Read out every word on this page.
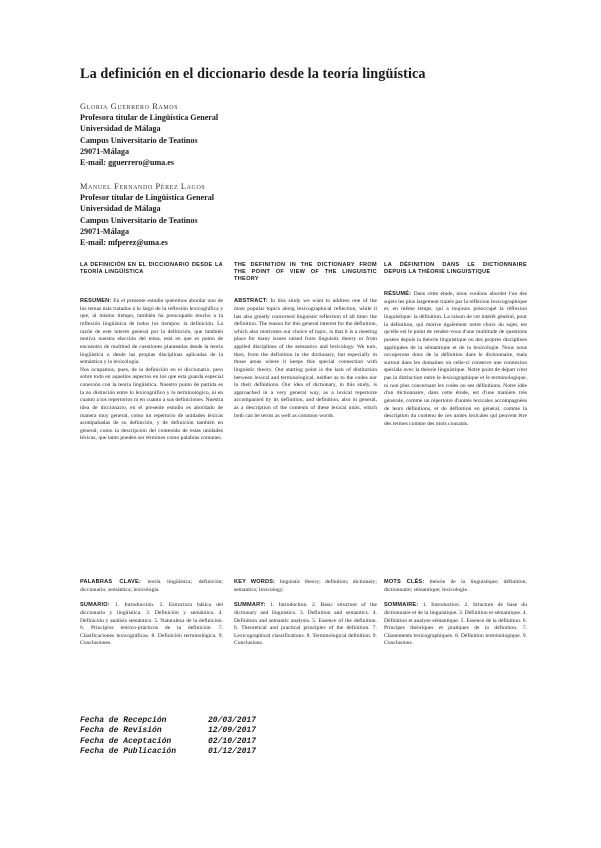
La definición en el diccionario desde la teoría lingüística
Gloria Guerrero Ramos
Profesora titular de Lingüística General
Universidad de Málaga
Campus Universitario de Teatinos
29071-Málaga
E-mail: gguerrero@uma.es
Manuel Fernando Pérez Lagos
Profesor titular de Lingüística General
Universidad de Málaga
Campus Universitario de Teatinos
29071-Málaga
E-mail: mfperez@uma.es

LA DEFINICIÓN EN EL DICCIONARIO DESDE LA TEORÍA LINGÜÍSTICA

RESUMEN: En el presente estudio queremos abordar uno de los temas más tratados a lo largo de la reflexión lexicográfica y que, al mismo tiempo, también ha preocupado mucho a la reflexión lingüística de todos los tiempos: la definición. La razón de este interés general por la definición, que también motiva nuestra elección del tema, está en que es punto de encuentro de multitud de cuestiones planteadas desde la teoría lingüística o desde las propias disciplinas aplicadas de la semántica y la lexicología.

Nos ocupamos, pues, de la definición en el diccionario, pero sobre todo en aquellos aspectos en los que esta guarda especial conexión con la teoría lingüística. Nuestro punto de partida es la no distinción entre lo lexicográfico y lo terminológico, ni en cuanto a los repertorios ni en cuanto a sus definiciones. Nuestra idea de diccionario, en el presente estudio es abordado de manera muy general, como un repertorio de unidades léxicas acompañadas de su definición, y de definición también en general, como la descripción del contenido de estas unidades léxicas, que tanto pueden ser términos como palabras comunes.

THE DEFINITION IN THE DICTIONARY FROM THE POINT OF VIEW OF THE LINGUISTIC THEORY

ABSTRACT: In this study we want to address one of the most popular topics along lexicographical reflection, while it has also greatly concerned linguistic reflection of all time: the definition. The reason for this general interest for the definition, which also motivates our choice of topic, is that it is a meeting place for many issues raised from linguistic theory or from applied disciplines of the semantics and lexicology. We turn, then, from the definition in the dictionary, but especially in those areas where it keeps this special connection with linguistic theory. Our starting point is the lack of distinction between lexical and terminological, neither as to the codes nor in their definitions. Our idea of dictionary, in this study, is approached in a very general way, as a lexical repertoire accompanied by its definition, and definition, also in general, as a description of the contents of these lexical units, which both can be terms as well as common words.

LA DÉFINITION DANS LE DICTIONNAIRE DEPUIS LA THÉORIE LINGUISTIQUE

RÉSUMÉ: Dans cette étude, nous voulons aborder l'un des sujets les plus largement traités par la réflexion lexicographique et, en même temps, qui a toujours préoccupé la réflexion linguistique: la définition. La raison de cet intérêt général, pour la définition, qui motive également notre choix du sujet, est qu'elle est le point de rendez-vous d'une multitude de questions posées depuis la théorie linguistique ou des propres disciplines appliquées de la sémantique et de la lexicologie. Nous nous occuperons donc de la définition dans le dictionnaire, mais surtout dans les domaines où celle-ci conserve une connexion spéciale avec la théorie linguistique. Notre point de départ n'est pas la distinction entre le lexicographique et le terminologique, ni non plus concernant les codes ou ses définitions. Notre idée d'un dictionnaire, dans cette étude, est d'une manière très générale, comme un répertoire d'unités lexicales accompagnées de leurs définitions, et de définition en général, comme la description du contenu de ces unités lexicales qui peuvent être des termes comme des mots courants.

PALABRAS CLAVE: teoría lingüística; definición; diccionario; semántica; lexicología.

SUMARIO: 1. Introducción. 2. Estructura básica del diccionario y lingüística. 3. Definición y semántica. 4. Definición y análisis semántico. 5. Naturaleza de la definición. 6. Principios teórico-prácticos de la definición. 7. Clasificaciones lexicográficas. 8. Definición terminológica. 9. Conclusiones.

KEY WORDS: linguistic theory; definition; dictionary; semantics; lexicology.

SUMMARY: 1. Introduction. 2. Basic structure of the dictionary and linguistics. 3. Definition and semantics. 4. Definition and semantic analysis. 5. Essence of the definition. 6. Theoretical and practical principles of the definition. 7. Lexicographical classifications. 8. Terminological definition. 9. Conclusions.

MOTS CLÉS: théorie de la linguistique; définition; dictionnaire; sémantique; lexicologie.

SOMMAIRE: 1. Introduction. 2. Structure de base du dictionnaire et de la linguistique. 3. Définition et sémantique. 4. Définition et analyse sémantique. 5. Essence de la définition. 6. Principes théoriques et pratiques de la définition. 7. Classements lexicographiques. 8. Définition terminologique. 9. Conclusions.

Fecha de Recepción	20/03/2017
Fecha de Revisión	12/09/2017
Fecha de Aceptación	02/10/2017
Fecha de Publicación	01/12/2017
